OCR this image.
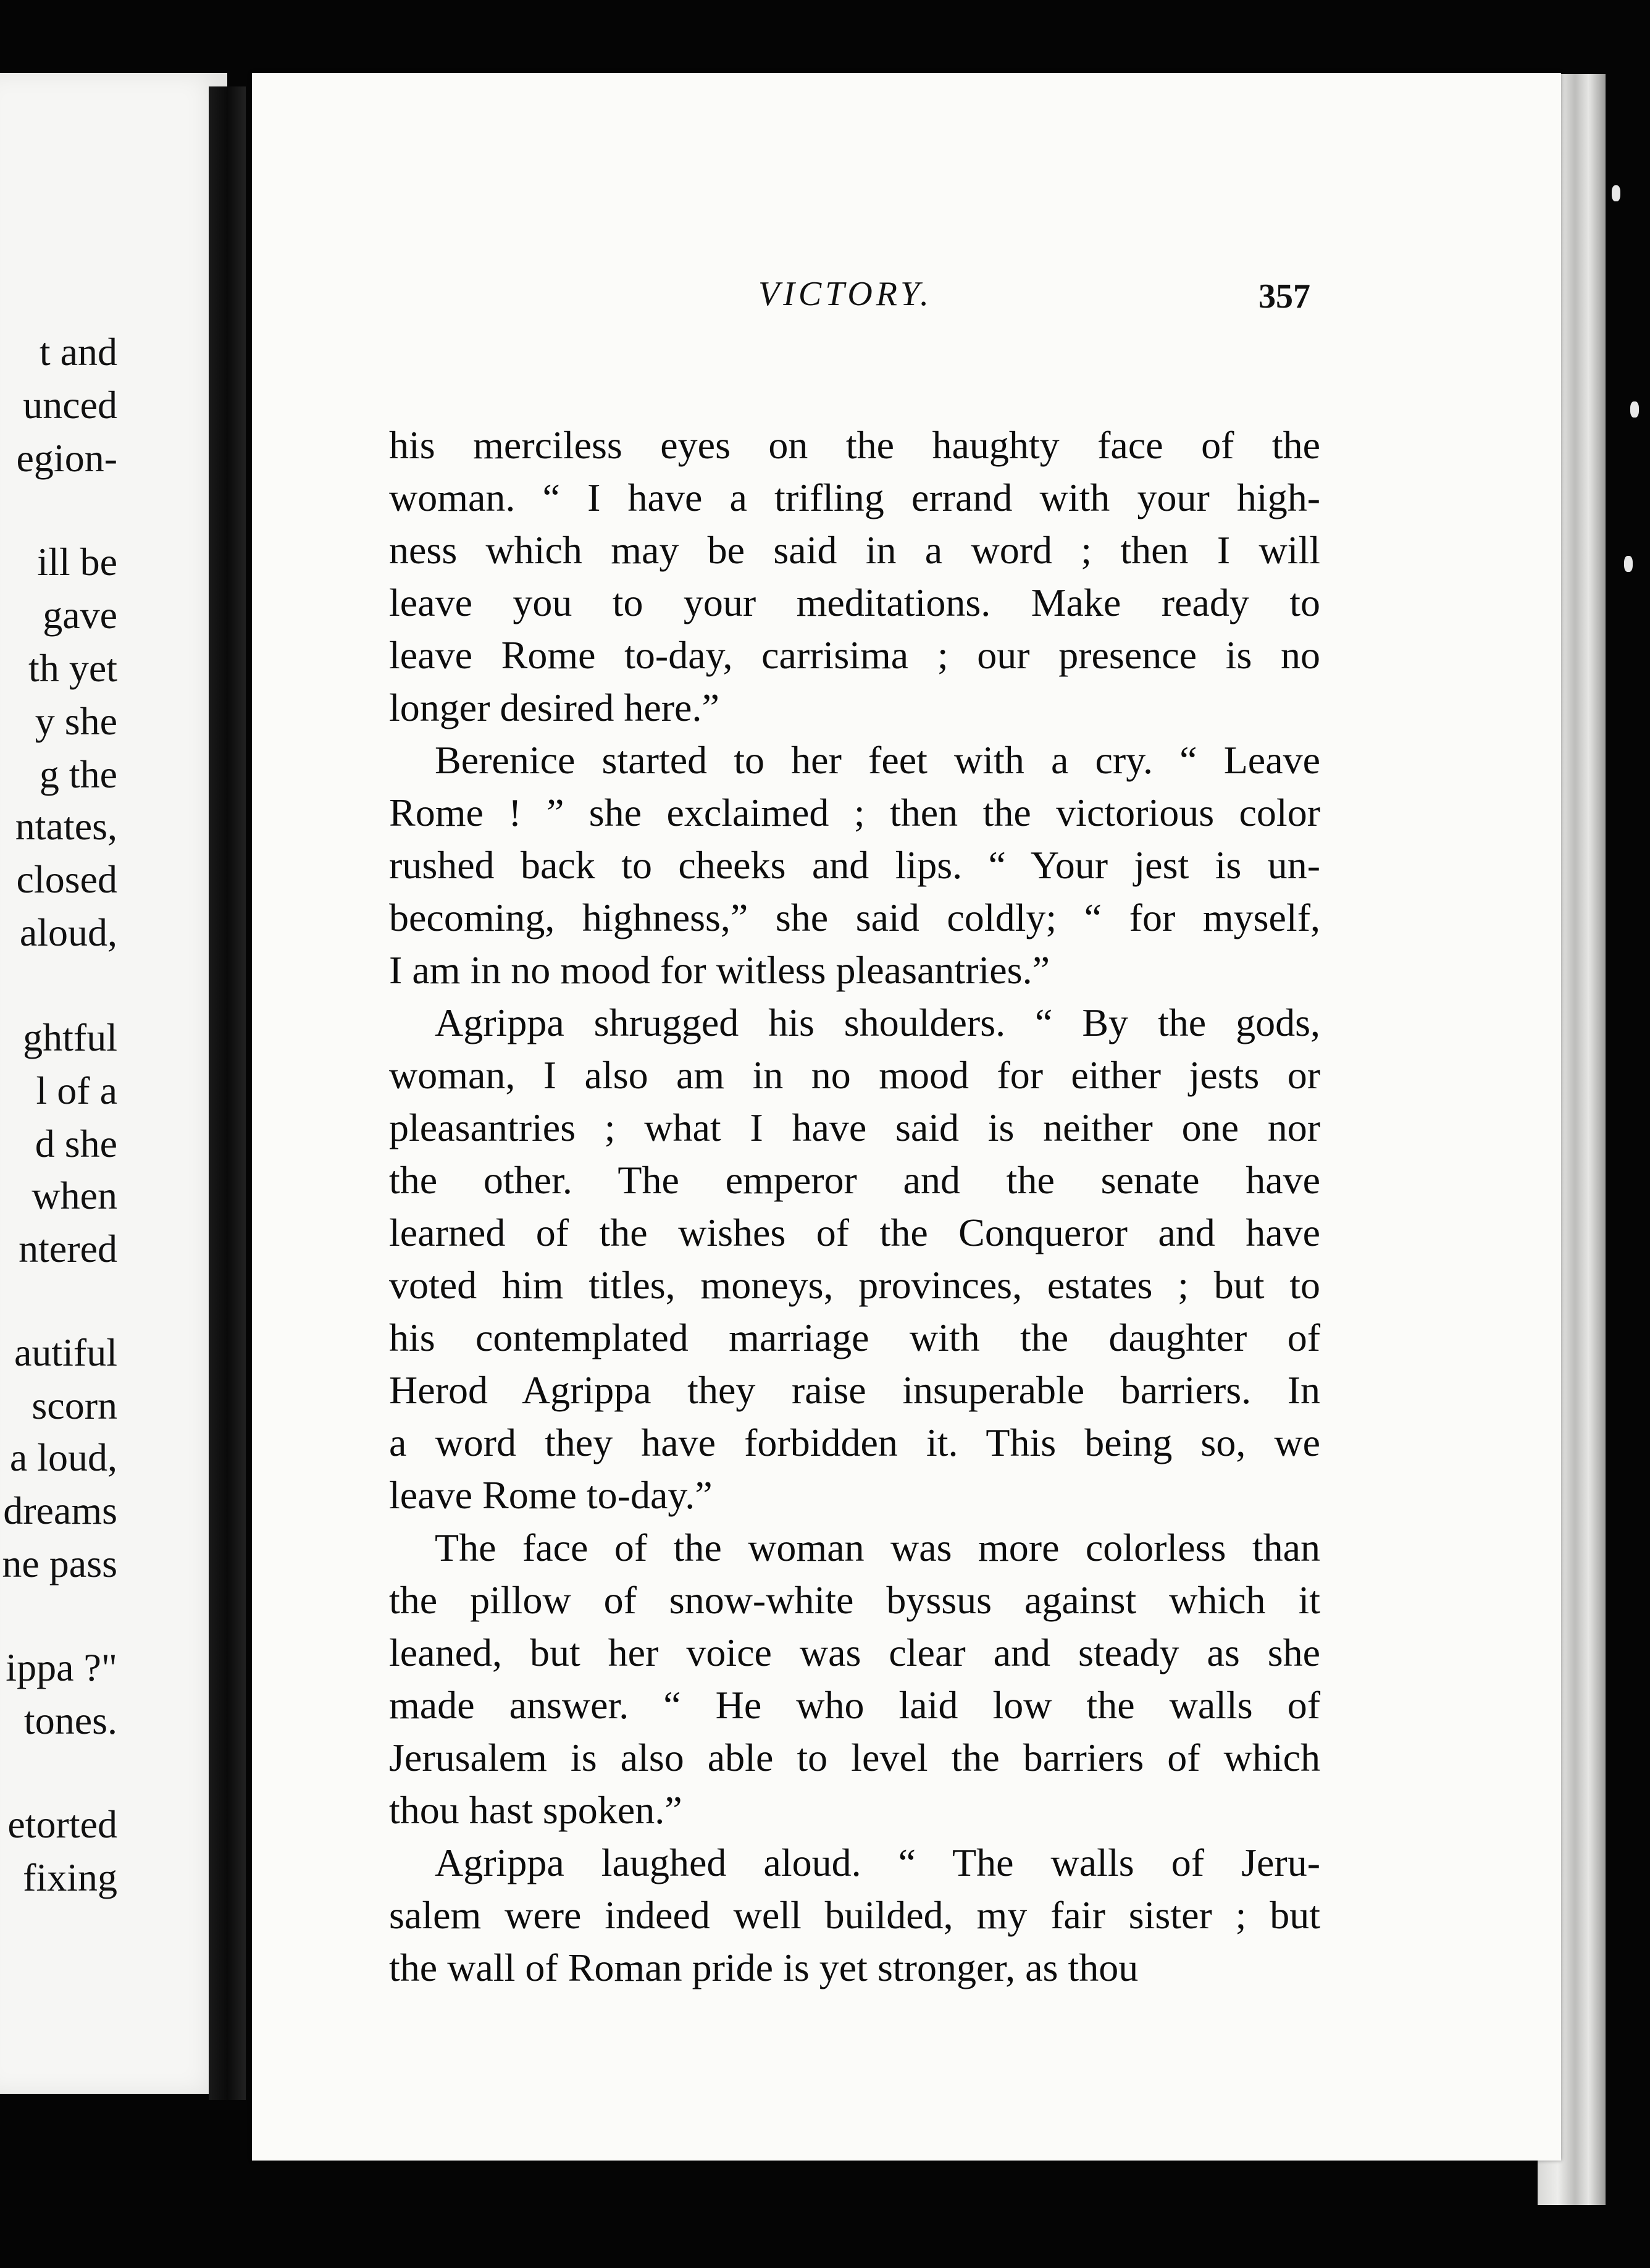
t and
unced
egion-
ill be
gave
th yet
y she
g the
ntates,
closed
aloud,
ghtful
l of a
d she
when
ntered
autiful
scorn
a loud,
dreams
ne pass
ippa ?"
tones.
etorted
fixing
VICTORY.	357
his merciless eyes on the haughty face of the
woman. “ I have a trifling errand with your high-
ness which may be said in a word ; then I will
leave you to your meditations. Make ready to
leave Rome to-day, carrisima ; our presence is no
longer desired here.”
Berenice started to her feet with a cry. “ Leave
Rome ! ” she exclaimed ; then the victorious color
rushed back to cheeks and lips. “ Your jest is un-
becoming, highness,” she said coldly; “ for myself,
I am in no mood for witless pleasantries.”
Agrippa shrugged his shoulders. “ By the gods,
woman, I also am in no mood for either jests or
pleasantries ; what I have said is neither one nor
the other. The emperor and the senate have
learned of the wishes of the Conqueror and have
voted him titles, moneys, provinces, estates ; but to
his contemplated marriage with the daughter of
Herod Agrippa they raise insuperable barriers. In
a word they have forbidden it. This being so, we
leave Rome to-day.”
The face of the woman was more colorless than
the pillow of snow-white byssus against which it
leaned, but her voice was clear and steady as she
made answer. “ He who laid low the walls of
Jerusalem is also able to level the barriers of which
thou hast spoken.”
Agrippa laughed aloud. “ The walls of Jeru-
salem were indeed well builded, my fair sister ; but
the wall of Roman pride is yet stronger, as thou
